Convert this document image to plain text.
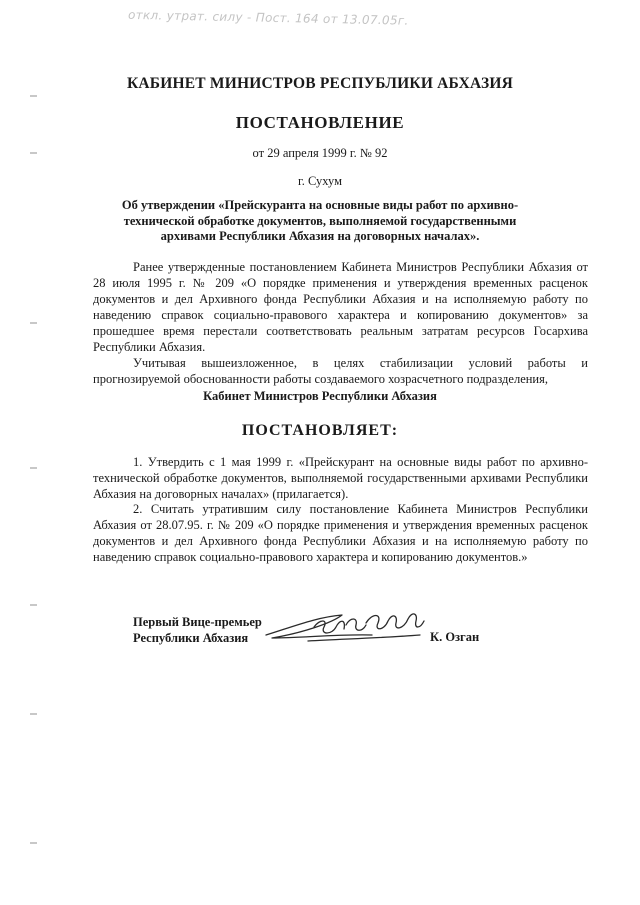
откл. утрат. силу - Пост. 164 от 13.07.05г.
КАБИНЕТ МИНИСТРОВ РЕСПУБЛИКИ АБХАЗИЯ
ПОСТАНОВЛЕНИЕ
от 29 апреля 1999 г. № 92
г. Сухум
Об утверждении «Прейскуранта на основные виды работ по архивно-технической обработке документов, выполняемой государственными архивами Республики Абхазия на договорных началах».
Ранее утвержденные постановлением Кабинета Министров Республики Абхазия от 28 июля 1995 г. № 209 «О порядке применения и утверждения временных расценок документов и дел Архивного фонда Республики Абхазия и на исполняемую работу по наведению справок социально-правового характера и копированию документов» за прошедшее время перестали соответствовать реальным затратам ресурсов Госархива Республики Абхазия.
Учитывая вышеизложенное, в целях стабилизации условий работы и прогнозируемой обоснованности работы создаваемого хозрасчетного подразделения,
Кабинет Министров Республики Абхазия
ПОСТАНОВЛЯЕТ:
1. Утвердить с 1 мая 1999 г. «Прейскурант на основные виды работ по архивно-технической обработке документов, выполняемой государственными архивами Республики Абхазия на договорных началах» (прилагается).
2. Считать утратившим силу постановление Кабинета Министров Республики Абхазия от 28.07.95. г. № 209 «О порядке применения и утверждения временных расценок документов и дел Архивного фонда Республики Абхазия и на исполняемую работу по наведению справок социально-правового характера и копированию документов.»
Первый Вице-премьер
Республики Абхазия	К. Озган
